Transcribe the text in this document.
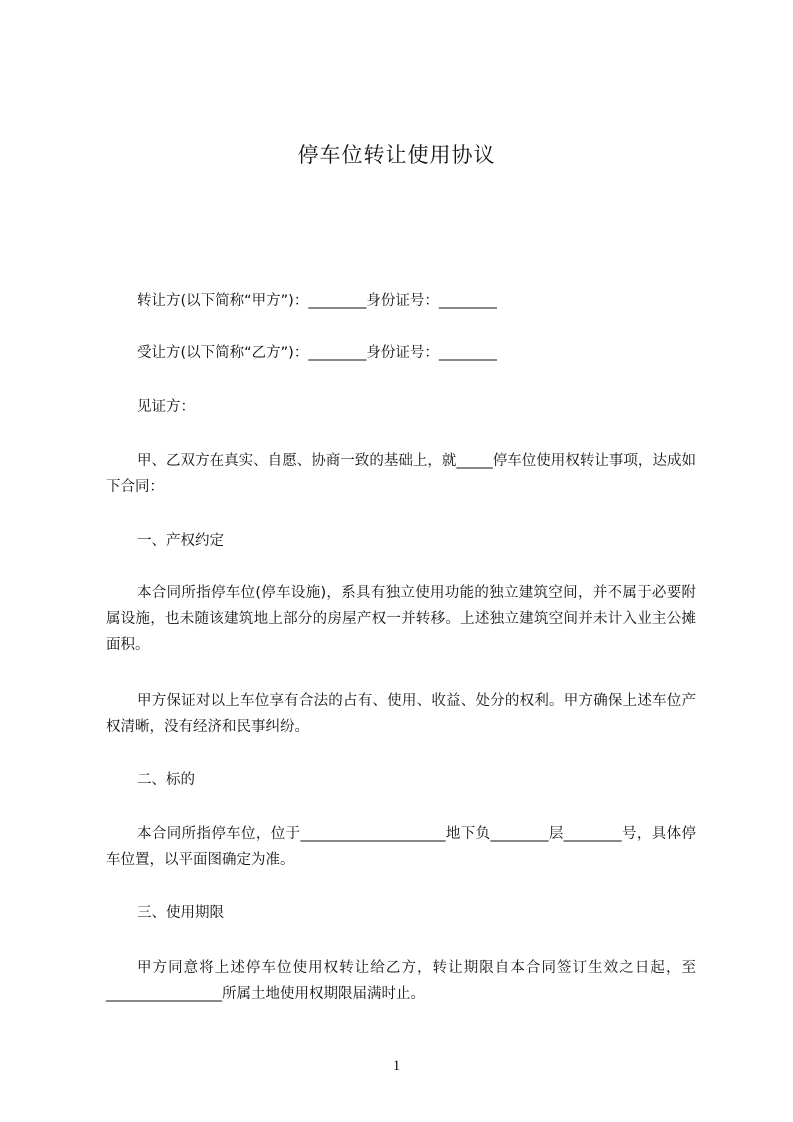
停车位转让使用协议
转让方(以下简称“甲方”)：________身份证号：________
受让方(以下简称“乙方”)：________身份证号：________
见证方：
甲、乙双方在真实、自愿、协商一致的基础上，就_____停车位使用权转让事项，达成如下合同：
一、产权约定
本合同所指停车位(停车设施)，系具有独立使用功能的独立建筑空间，并不属于必要附属设施，也未随该建筑地上部分的房屋产权一并转移。上述独立建筑空间并未计入业主公摊面积。
甲方保证对以上车位享有合法的占有、使用、收益、处分的权利。甲方确保上述车位产权清晰，没有经济和民事纠纷。
二、标的
本合同所指停车位，位于____________________地下负________层________号，具体停车位置，以平面图确定为准。
三、使用期限
甲方同意将上述停车位使用权转让给乙方，转让期限自本合同签订生效之日起，至________________所属土地使用权期限届满时止。
1
